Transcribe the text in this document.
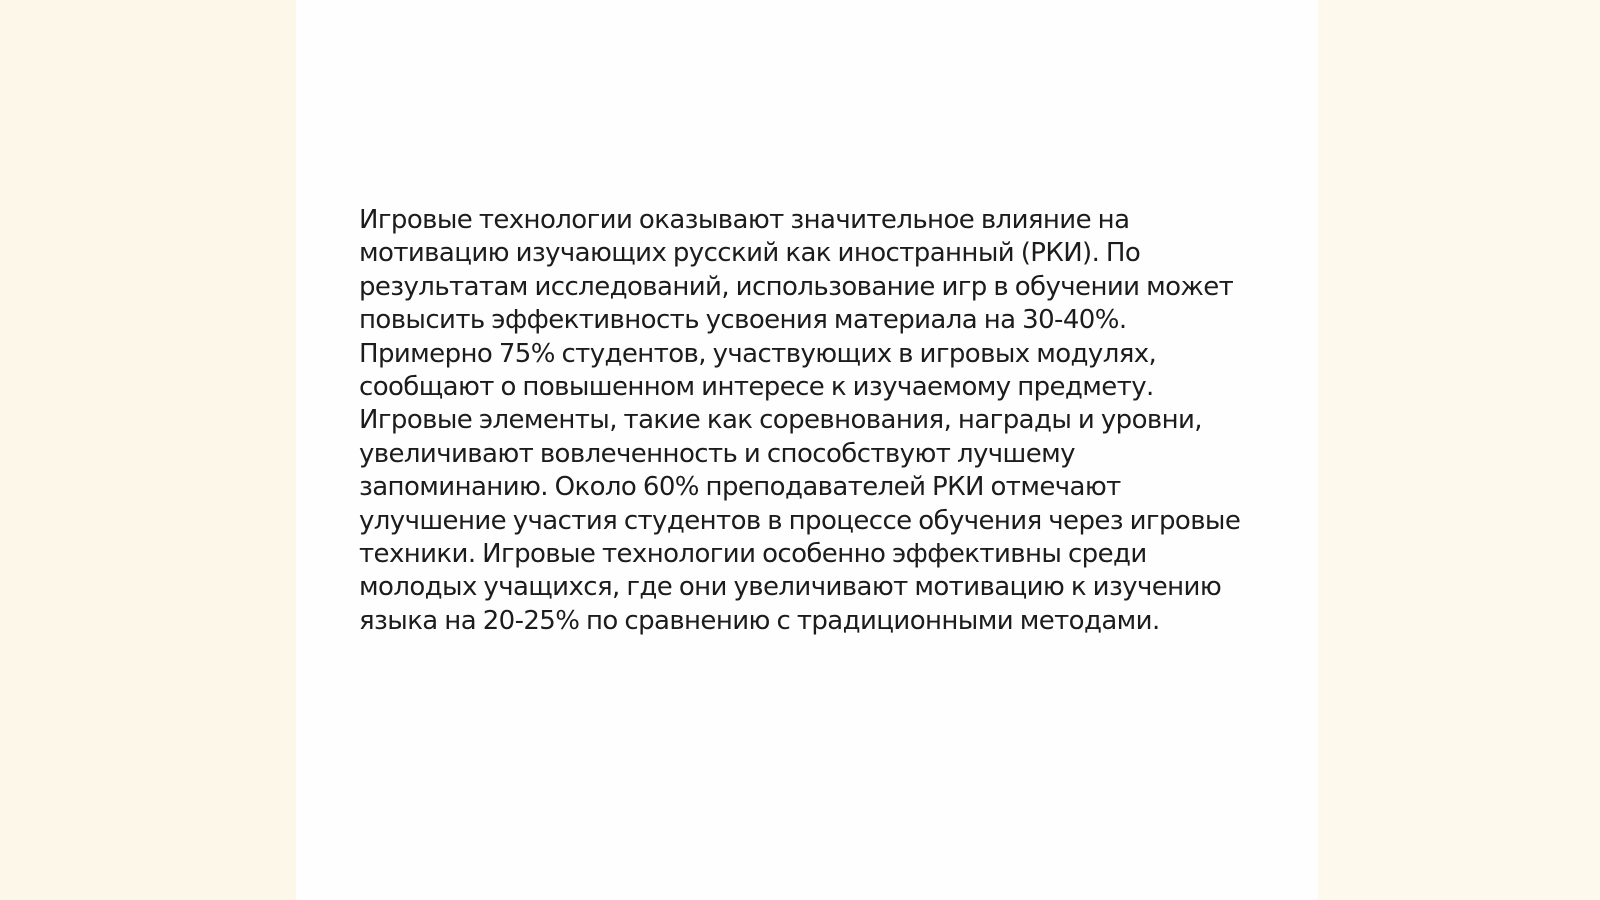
Игровые технологии оказывают значительное влияние на мотивацию изучающих русский как иностранный (РКИ). По результатам исследований, использование игр в обучении может повысить эффективность усвоения материала на 30-40%. Примерно 75% студентов, участвующих в игровых модулях, сообщают о повышенном интересе к изучаемому предмету. Игровые элементы, такие как соревнования, награды и уровни, увеличивают вовлеченность и способствуют лучшему запоминанию. Около 60% преподавателей РКИ отмечают улучшение участия студентов в процессе обучения через игровые техники. Игровые технологии особенно эффективны среди молодых учащихся, где они увеличивают мотивацию к изучению языка на 20-25% по сравнению с традиционными методами.
